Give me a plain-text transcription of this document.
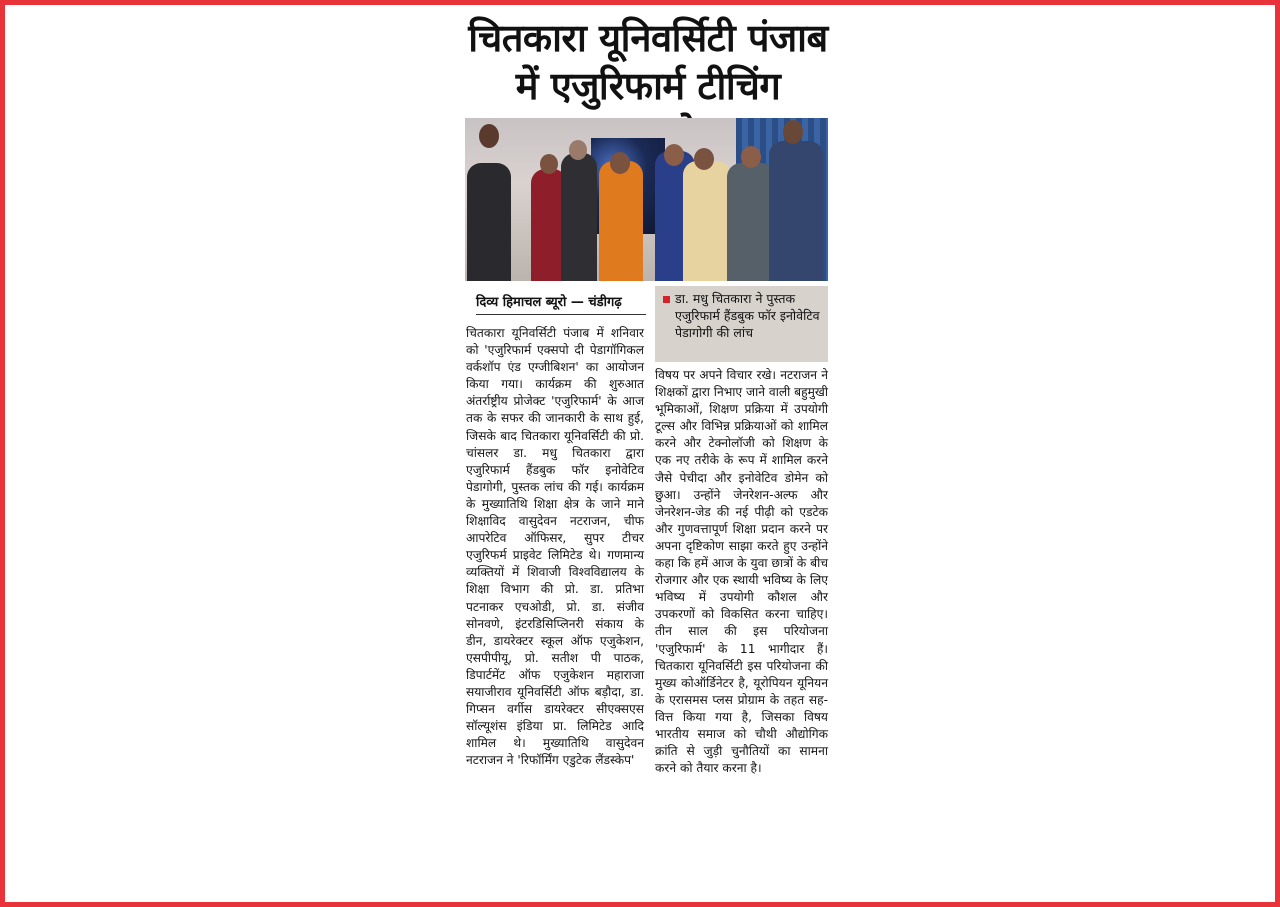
चितकारा यूनिवर्सिटी पंजाब
में एजुरिफार्म टीचिंग
दिव्य हिमाचल ब्यूरो — चंडीगढ़	डा. मधु चितकारा ने पुस्तक एजुरिफार्म हैंडबुक फॉर इनोवेटिव पेडागोगी की लांच
चितकारा यूनिवर्सिटी पंजाब में शनिवार को 'एजुरिफार्म एक्सपो दी पेडागॉगिकल वर्कशॉप एंड एग्जीबिशन' का आयोजन किया गया। कार्यक्रम की शुरुआत अंतर्राष्ट्रीय प्रोजेक्ट 'एजुरिफार्म' के आज तक के सफर की जानकारी के साथ हुई, जिसके बाद चितकारा यूनिवर्सिटी की प्रो. चांसलर डा. मधु चितकारा द्वारा एजुरिफार्म हैंडबुक फॉर इनोवेटिव पेडागोगी, पुस्तक लांच की गई। कार्यक्रम के मुख्यातिथि शिक्षा क्षेत्र के जाने माने शिक्षाविद वासुदेवन नटराजन, चीफ आपरेटिव ऑफिसर, सुपर टीचर एजुरिफर्म प्राइवेट लिमिटेड थे। गणमान्य व्यक्तियों में शिवाजी विश्वविद्यालय के शिक्षा विभाग की प्रो. डा. प्रतिभा पटनाकर एचओडी, प्रो. डा. संजीव सोनवणे, इंटरडिसिप्लिनरी संकाय के डीन, डायरेक्टर स्कूल ऑफ एजुकेशन, एसपीपीयू, प्रो. सतीश पी पाठक, डिपार्टमेंट ऑफ एजुकेशन महाराजा सयाजीराव यूनिवर्सिटी ऑफ बड़ौदा, डा. गिप्सन वर्गीस डायरेक्टर सीएक्सएस सॉल्यूशंस इंडिया प्रा. लिमिटेड आदि शामिल थे। मुख्यातिथि वासुदेवन नटराजन ने 'रिफॉर्मिंग एडुटेक लैंडस्केप'
विषय पर अपने विचार रखे। नटराजन ने शिक्षकों द्वारा निभाए जाने वाली बहुमुखी भूमिकाओं, शिक्षण प्रक्रिया में उपयोगी टूल्स और विभिन्न प्रक्रियाओं को शामिल करने और टेक्नोलॉजी को शिक्षण के एक नए तरीके के रूप में शामिल करने जैसे पेचीदा और इनोवेटिव डोमेन को छुआ। उन्होंने जेनरेशन-अल्फ और जेनरेशन-जेड की नई पीढ़ी को एडटेक और गुणवत्तापूर्ण शिक्षा प्रदान करने पर अपना दृष्टिकोण साझा करते हुए उन्होंने कहा कि हमें आज के युवा छात्रों के बीच रोजगार और एक स्थायी भविष्य के लिए भविष्य में उपयोगी कौशल और उपकरणों को विकसित करना चाहिए। तीन साल की इस परियोजना 'एजुरिफार्म' के 11 भागीदार हैं। चितकारा यूनिवर्सिटी इस परियोजना की मुख्य कोऑर्डिनेटर है, यूरोपियन यूनियन के एरासमस प्लस प्रोग्राम के तहत सह-वित्त किया गया है, जिसका विषय भारतीय समाज को चौथी औद्योगिक क्रांति से जुड़ी चुनौतियों का सामना करने को तैयार करना है।
